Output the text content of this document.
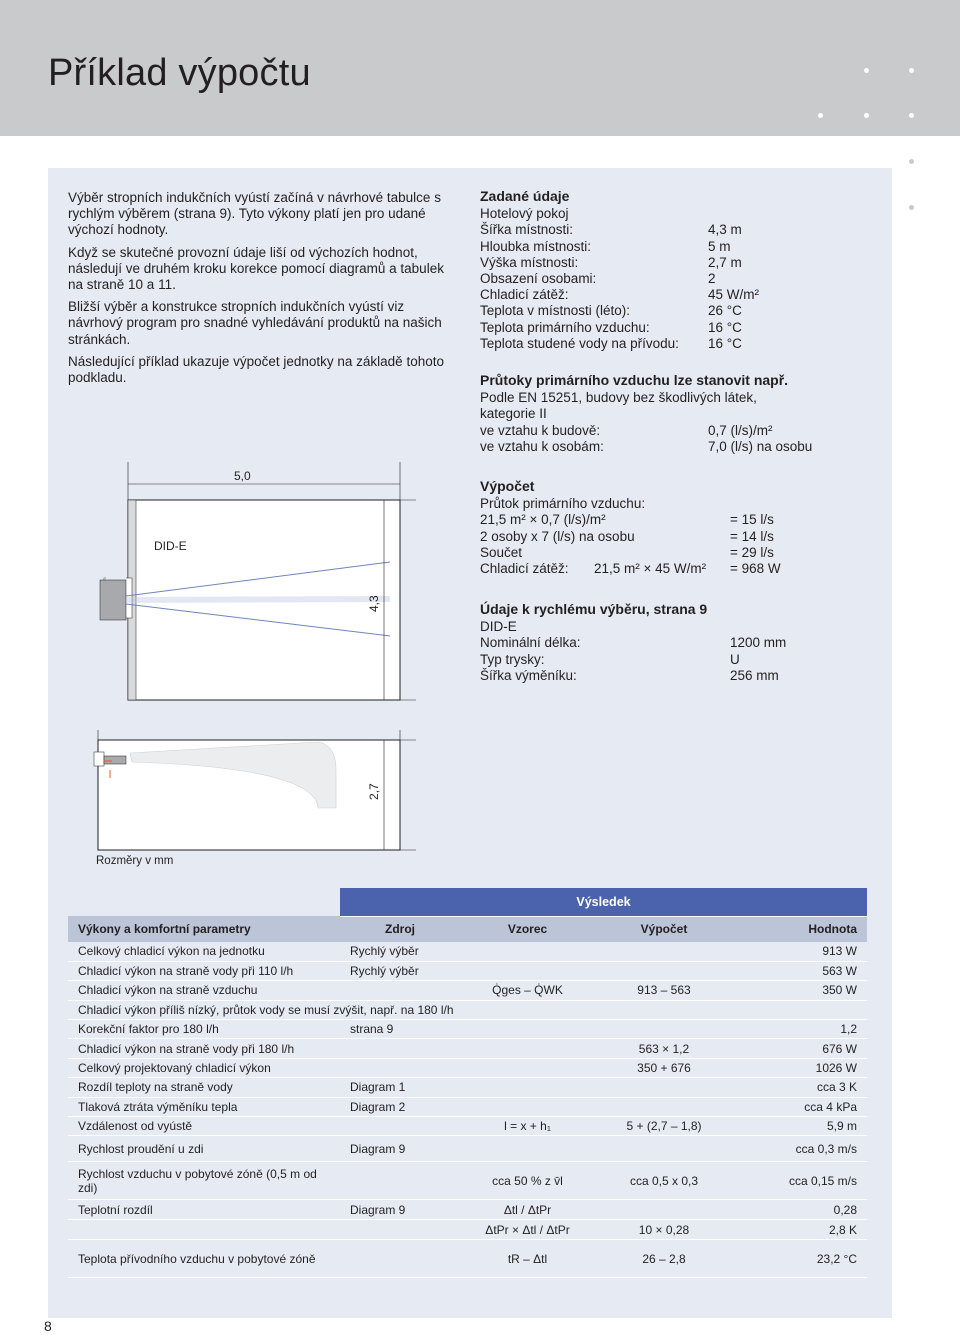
Příklad výpočtu

Výběr stropních indukčních vyústí začíná v návrhové tabulce s rychlým výběrem (strana 9). Tyto výkony platí jen pro udané výchozí hodnoty.

Když se skutečné provozní údaje liší od výchozích hodnot, následují ve druhém kroku korekce pomocí diagramů a tabulek na straně 10 a 11.

Bližší výběr a konstrukce stropních indukčních vyústí viz návrhový program pro snadné vyhledávání produktů na našich stránkách.

Následující příklad ukazuje výpočet jednotky na základě tohoto podkladu.

Zadané údaje
Hotelový pokoj
Šířka místnosti:	4,3 m
Hloubka místnosti:	5 m
Výška místnosti:	2,7 m
Obsazení osobami:	2
Chladicí zátěž:	45 W/m²
Teplota v místnosti (léto):	26 °C
Teplota primárního vzduchu:	16 °C
Teplota studené vody na přívodu: 16 °C
Průtoky primárního vzduchu lze stanovit např.
Podle EN 15251, budovy bez škodlivých látek,
kategorie II
ve vztahu k budově:	0,7 (l/s)/m²
ve vztahu k osobám:	7,0 (l/s) na osobu
Výpočet
Průtok primárního vzduchu:
21,5 m² × 0,7 (l/s)/m²	= 15 l/s
2 osoby x 7 (l/s) na osobu	= 14 l/s
Součet	= 29 l/s
Chladicí zátěž: 21,5 m² × 45 W/m² = 968 W
Údaje k rychlému výběru, strana 9
DID-E
Nominální délka:	1200 mm
Typ trysky:	U
Šířka výměníku:	256 mm
5,0
4,3
DID-E
2,7
Rozměry v mm
	Výsledek			
Výkony a komfortní parametry	Zdroj	Vzorec	Výpočet	Hodnota
Celkový chladicí výkon na jednotku	Rychlý výběr			913 W
Chladicí výkon na straně vody při 110 l/h	Rychlý výběr			563 W
Chladicí výkon na straně vzduchu		Q̇ges – Q̇WK	913 – 563	350 W
Chladicí výkon příliš nízký, průtok vody se musí zvýšit, např. na 180 l/h				
Korekční faktor pro 180 l/h	strana 9			1,2
Chladicí výkon na straně vody při 180 l/h			563 × 1,2	676 W
Celkový projektovaný chladicí výkon			350 + 676	1026 W
Rozdíl teploty na straně vody	Diagram 1			cca 3 K
Tlaková ztráta výměníku tepla	Diagram 2			cca 4 kPa
Vzdálenost od vyústě		l = x + h₁	5 + (2,7 – 1,8)	5,9 m
Rychlost proudění u zdi	Diagram 9			cca 0,3 m/s
Rychlost vzduchu v pobytové zóně (0,5 m od zdi)		cca 50 % z v̄l	cca 0,5 x 0,3	cca 0,15 m/s
Teplotní rozdíl	Diagram 9	Δtl / ΔtPr		0,28
		ΔtPr × Δtl / ΔtPr	10 × 0,28	2,8 K
Teplota přívodního vzduchu v pobytové zóně		tR – Δtl	26 – 2,8	23,2 °C
8
